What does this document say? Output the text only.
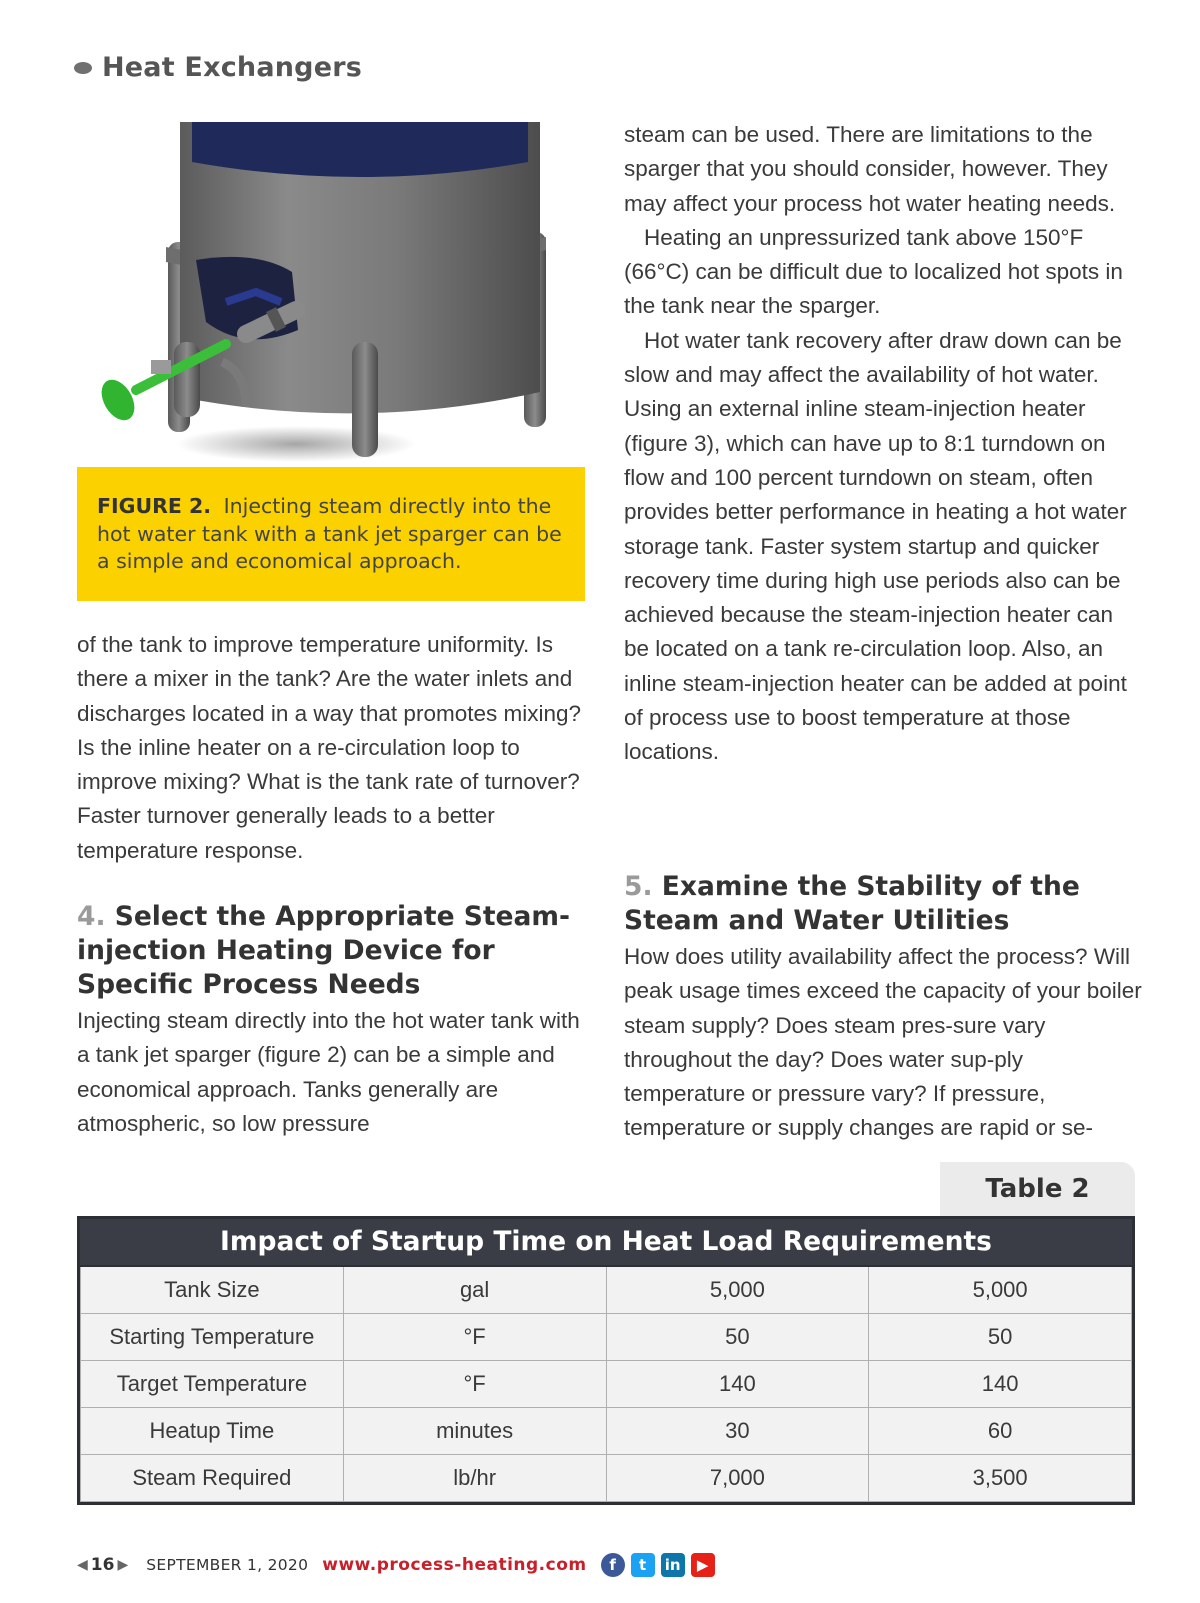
Heat Exchangers
FIGURE 2. Injecting steam directly into the hot water tank with a tank jet sparger can be a simple and economical approach.

of the tank to improve temperature uniformity. Is there a mixer in the tank? Are the water inlets and discharges located in a way that promotes mixing? Is the inline heater on a re-circulation loop to improve mixing? What is the tank rate of turnover? Faster turnover generally leads to a better temperature response.

4. Select the Appropriate Steam-injection Heating Device for Specific Process Needs

Injecting steam directly into the hot water tank with a tank jet sparger (figure 2) can be a simple and economical approach. Tanks generally are atmospheric, so low pressure

steam can be used. There are limitations to the sparger that you should consider, however. They may affect your process hot water heating needs.

Heating an unpressurized tank above 150°F (66°C) can be difficult due to localized hot spots in the tank near the sparger.

Hot water tank recovery after draw down can be slow and may affect the availability of hot water. Using an external inline steam-injection heater (figure 3), which can have up to 8:1 turndown on flow and 100 percent turndown on steam, often provides better performance in heating a hot water storage tank. Faster system startup and quicker recovery time during high use periods also can be achieved because the steam-injection heater can be located on a tank re-circulation loop. Also, an inline steam-injection heater can be added at point of process use to boost temperature at those locations.

5. Examine the Stability of the Steam and Water Utilities

How does utility availability affect the process? Will peak usage times exceed the capacity of your boiler steam supply? Does steam pres-sure vary throughout the day? Does water sup-ply temperature or pressure vary? If pressure, temperature or supply changes are rapid or se-

Table 2
Impact of Startup Time on Heat Load Requirements
Tank Size	gal	5,000	5,000
Starting Temperature	°F	50	50
Target Temperature	°F	140	140
Heatup Time	minutes	30	60
Steam Required	lb/hr	7,000	3,500
◀ 16 ▶ SEPTEMBER 1, 2020 www.process-heating.com	f	t	in	▶
